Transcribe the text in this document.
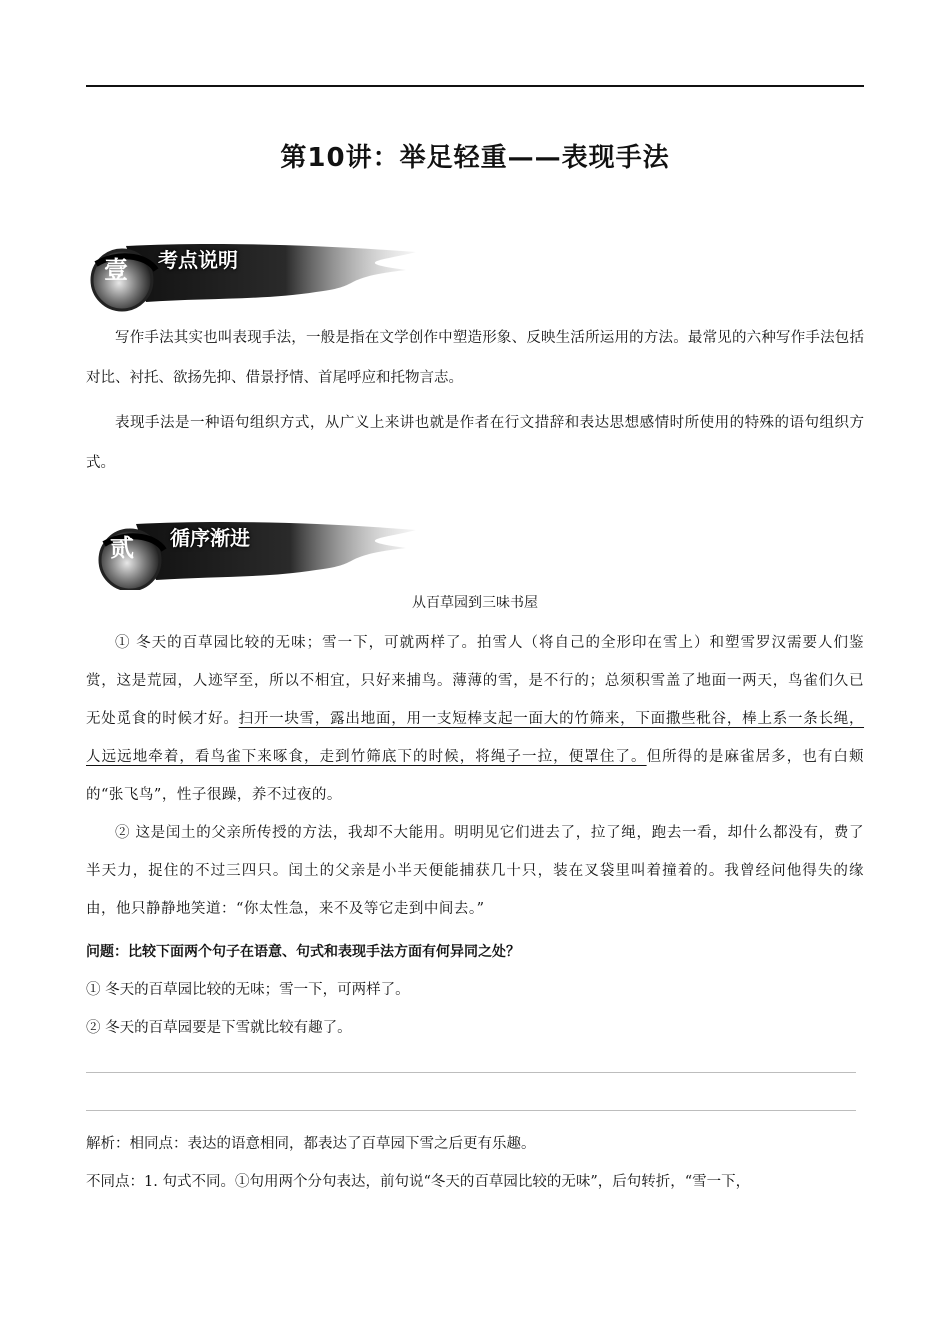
第10讲：举足轻重——表现手法
壹	考点说明

写作手法其实也叫表现手法，一般是指在文学创作中塑造形象、反映生活所运用的方法。最常见的六种写作手法包括对比、衬托、欲扬先抑、借景抒情、首尾呼应和托物言志。

表现手法是一种语句组织方式，从广义上来讲也就是作者在行文措辞和表达思想感情时所使用的特殊的语句组织方式。

贰	循序渐进
从百草园到三味书屋

① 冬天的百草园比较的无味；雪一下，可就两样了。拍雪人（将自己的全形印在雪上）和塑雪罗汉需要人们鉴赏，这是荒园，人迹罕至，所以不相宜，只好来捕鸟。薄薄的雪，是不行的；总须积雪盖了地面一两天，鸟雀们久已无处觅食的时候才好。扫开一块雪，露出地面，用一支短棒支起一面大的竹筛来，下面撒些秕谷，棒上系一条长绳，人远远地牵着，看鸟雀下来啄食，走到竹筛底下的时候，将绳子一拉，便罩住了。但所得的是麻雀居多，也有白颊的“张飞鸟”，性子很躁，养不过夜的。

② 这是闰土的父亲所传授的方法，我却不大能用。明明见它们进去了，拉了绳，跑去一看，却什么都没有，费了半天力，捉住的不过三四只。闰土的父亲是小半天便能捕获几十只，装在叉袋里叫着撞着的。我曾经问他得失的缘由，他只静静地笑道：“你太性急，来不及等它走到中间去。”

问题：比较下面两个句子在语意、句式和表现手法方面有何异同之处？

① 冬天的百草园比较的无味；雪一下，可两样了。

② 冬天的百草园要是下雪就比较有趣了。

解析：相同点：表达的语意相同，都表达了百草园下雪之后更有乐趣。

不同点：1. 句式不同。①句用两个分句表达，前句说“冬天的百草园比较的无味”，后句转折，“雪一下，
